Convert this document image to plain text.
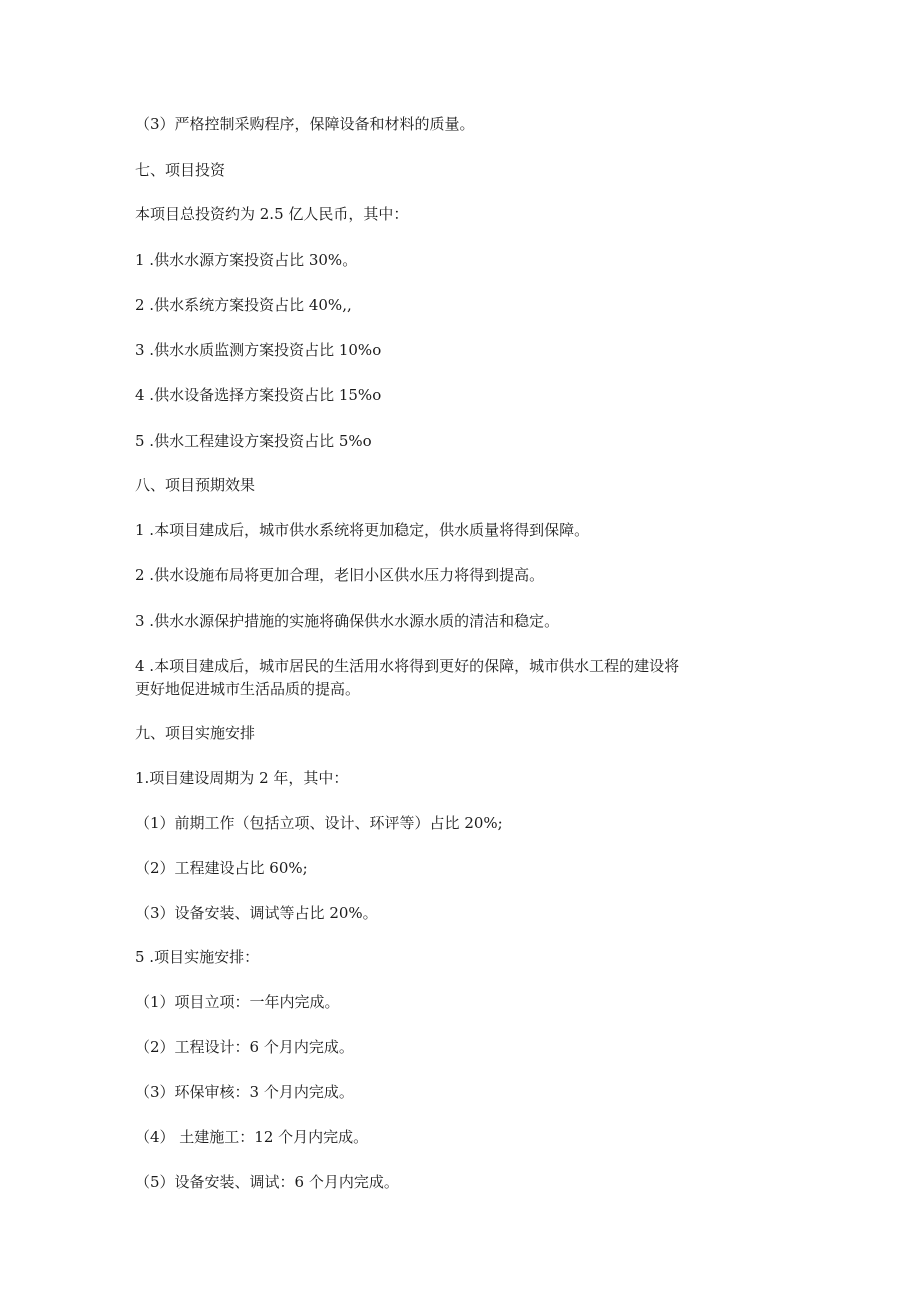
（3）严格控制采购程序，保障设备和材料的质量。
七、项目投资
本项目总投资约为 2.5 亿人民币，其中：
1 .供水水源方案投资占比 30%。
2 .供水系统方案投资占比 40%,,
3 .供水水质监测方案投资占比 10%o
4 .供水设备选择方案投资占比 15%o
5 .供水工程建设方案投资占比 5%o
八、项目预期效果
1 .本项目建成后，城市供水系统将更加稳定，供水质量将得到保障。
2 .供水设施布局将更加合理，老旧小区供水压力将得到提高。
3 .供水水源保护措施的实施将确保供水水源水质的清洁和稳定。
4 .本项目建成后，城市居民的生活用水将得到更好的保障，城市供水工程的建设将
更好地促进城市生活品质的提高。
九、项目实施安排
1.项目建设周期为 2 年，其中：
（1）前期工作（包括立项、设计、环评等）占比 20%;
（2）工程建设占比 60%;
（3）设备安装、调试等占比 20%。
5 .项目实施安排：
（1）项目立项：一年内完成。
（2）工程设计：6 个月内完成。
（3）环保审核：3 个月内完成。
（4） 土建施工：12 个月内完成。
（5）设备安装、调试：6 个月内完成。
